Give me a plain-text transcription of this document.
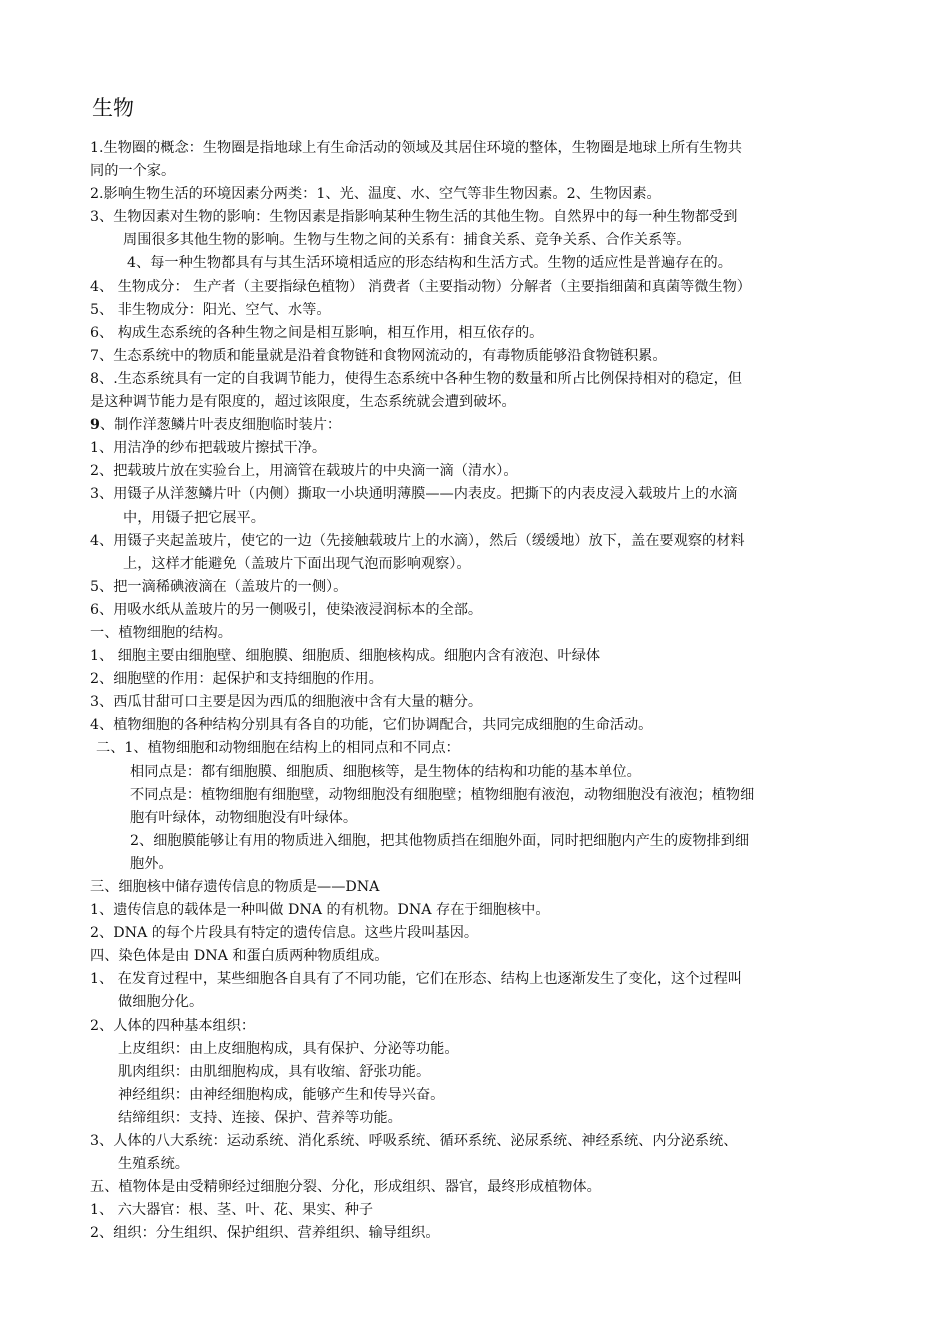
生物
1.生物圈的概念：生物圈是指地球上有生命活动的领域及其居住环境的整体，生物圈是地球上所有生物共
同的一个家。
2.影响生物生活的环境因素分两类：1、光、温度、水、空气等非生物因素。2、生物因素。
3、生物因素对生物的影响：生物因素是指影响某种生物生活的其他生物。自然界中的每一种生物都受到
周围很多其他生物的影响。生物与生物之间的关系有：捕食关系、竞争关系、合作关系等。
4、每一种生物都具有与其生活环境相适应的形态结构和生活方式。生物的适应性是普遍存在的。
4、 生物成分： 生产者（主要指绿色植物） 消费者（主要指动物）分解者（主要指细菌和真菌等微生物）
5、 非生物成分：阳光、空气、水等。
6、 构成生态系统的各种生物之间是相互影响，相互作用，相互依存的。
7、生态系统中的物质和能量就是沿着食物链和食物网流动的，有毒物质能够沿食物链积累。
8、.生态系统具有一定的自我调节能力，使得生态系统中各种生物的数量和所占比例保持相对的稳定，但
是这种调节能力是有限度的，超过该限度，生态系统就会遭到破坏。
9、制作洋葱鳞片叶表皮细胞临时装片：
1、用洁净的纱布把载玻片擦拭干净。
2、把载玻片放在实验台上，用滴管在载玻片的中央滴一滴（清水）。
3、用镊子从洋葱鳞片叶（内侧）撕取一小块通明薄膜——内表皮。把撕下的内表皮浸入载玻片上的水滴
中，用镊子把它展平。
4、用镊子夹起盖玻片，使它的一边（先接触载玻片上的水滴），然后（缓缓地）放下，盖在要观察的材料
上，这样才能避免（盖玻片下面出现气泡而影响观察）。
5、把一滴稀碘液滴在（盖玻片的一侧）。
6、用吸水纸从盖玻片的另一侧吸引，使染液浸润标本的全部。
一、植物细胞的结构。
1、 细胞主要由细胞壁、细胞膜、细胞质、细胞核构成。细胞内含有液泡、叶绿体
2、细胞壁的作用：起保护和支持细胞的作用。
3、西瓜甘甜可口主要是因为西瓜的细胞液中含有大量的糖分。
4、植物细胞的各种结构分别具有各自的功能，它们协调配合，共同完成细胞的生命活动。
二、1、植物细胞和动物细胞在结构上的相同点和不同点：
相同点是：都有细胞膜、细胞质、细胞核等，是生物体的结构和功能的基本单位。
不同点是：植物细胞有细胞壁，动物细胞没有细胞壁；植物细胞有液泡，动物细胞没有液泡；植物细
胞有叶绿体，动物细胞没有叶绿体。
2、细胞膜能够让有用的物质进入细胞，把其他物质挡在细胞外面，同时把细胞内产生的废物排到细
胞外。
三、细胞核中储存遗传信息的物质是——DNA
1、遗传信息的载体是一种叫做 DNA 的有机物。DNA 存在于细胞核中。
2、DNA 的每个片段具有特定的遗传信息。这些片段叫基因。
四、染色体是由 DNA 和蛋白质两种物质组成。
1、 在发育过程中，某些细胞各自具有了不同功能，它们在形态、结构上也逐渐发生了变化，这个过程叫
做细胞分化。
2、人体的四种基本组织：
上皮组织：由上皮细胞构成，具有保护、分泌等功能。
肌肉组织：由肌细胞构成，具有收缩、舒张功能。
神经组织：由神经细胞构成，能够产生和传导兴奋。
结缔组织：支持、连接、保护、营养等功能。
3、人体的八大系统：运动系统、消化系统、呼吸系统、循环系统、泌尿系统、神经系统、内分泌系统、
生殖系统。
五、植物体是由受精卵经过细胞分裂、分化，形成组织、器官，最终形成植物体。
1、 六大器官：根、茎、叶、花、果实、种子
2、组织：分生组织、保护组织、营养组织、输导组织。
